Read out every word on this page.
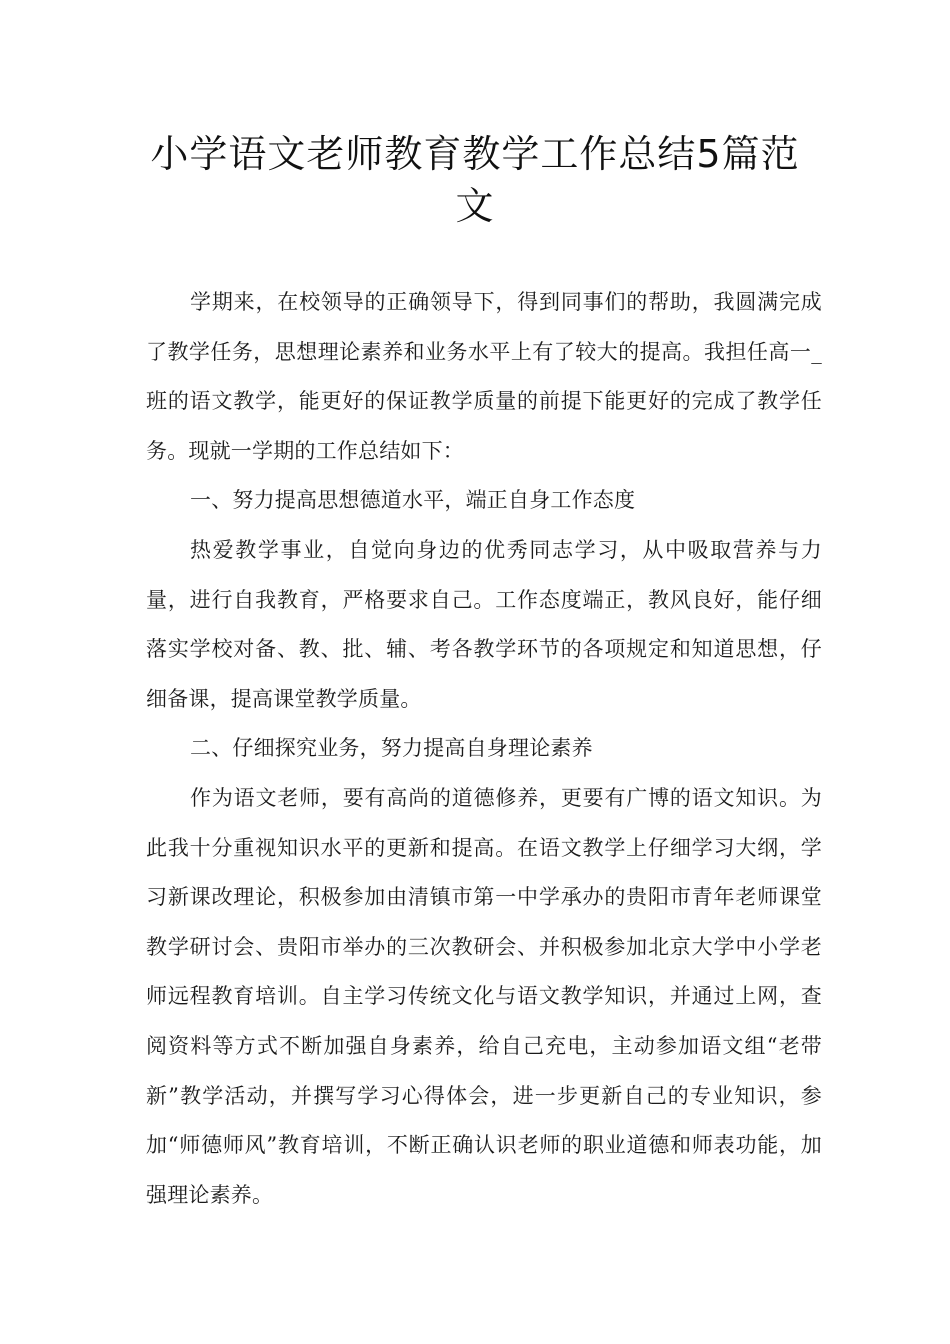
小学语文老师教育教学工作总结5篇范文

学期来，在校领导的正确领导下，得到同事们的帮助，我圆满完成了教学任务，思想理论素养和业务水平上有了较大的提高。我担任高一_班的语文教学，能更好的保证教学质量的前提下能更好的完成了教学任务。现就一学期的工作总结如下：

一、努力提高思想德道水平，端正自身工作态度

热爱教学事业，自觉向身边的优秀同志学习，从中吸取营养与力量，进行自我教育，严格要求自己。工作态度端正，教风良好，能仔细落实学校对备、教、批、辅、考各教学环节的各项规定和知道思想，仔细备课，提高课堂教学质量。

二、仔细探究业务，努力提高自身理论素养

作为语文老师，要有高尚的道德修养，更要有广博的语文知识。为此我十分重视知识水平的更新和提高。在语文教学上仔细学习大纲，学习新课改理论，积极参加由清镇市第一中学承办的贵阳市青年老师课堂教学研讨会、贵阳市举办的三次教研会、并积极参加北京大学中小学老师远程教育培训。自主学习传统文化与语文教学知识，并通过上网，查阅资料等方式不断加强自身素养，给自己充电，主动参加语文组“老带新”教学活动，并撰写学习心得体会，进一步更新自己的专业知识，参加“师德师风”教育培训，不断正确认识老师的职业道德和师表功能，加强理论素养。
